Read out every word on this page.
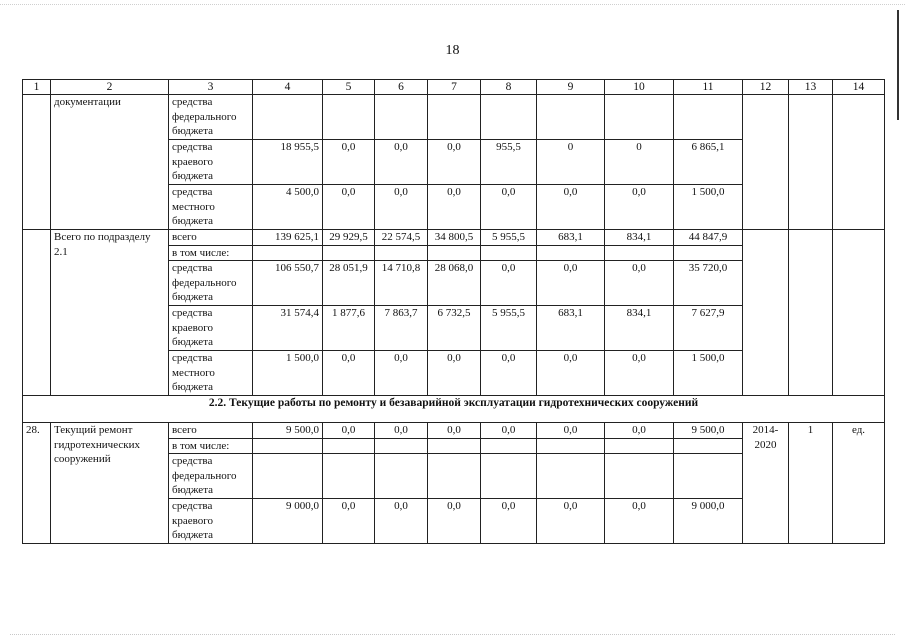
18
1	2	3	4	5	6	7	8	9	10	11	12	13	14
	документации	средства федерального бюджета											
		средства краевого бюджета	18 955,5	0,0	0,0	0,0	955,5	0	0	6 865,1			
		средства местного бюджета	4 500,0	0,0	0,0	0,0	0,0	0,0	0,0	1 500,0			
	Всего по подразделу 2.1	всего	139 625,1	29 929,5	22 574,5	34 800,5	5 955,5	683,1	834,1	44 847,9			
		в том числе:											
		средства федерального бюджета	106 550,7	28 051,9	14 710,8	28 068,0	0,0	0,0	0,0	35 720,0			
		средства краевого бюджета	31 574,4	1 877,6	7 863,7	6 732,5	5 955,5	683,1	834,1	7 627,9			
		средства местного бюджета	1 500,0	0,0	0,0	0,0	0,0	0,0	0,0	1 500,0			
2.2. Текущие работы по ремонту и безаварийной эксплуатации гидротехнических сооружений													
28.	Текущий ремонт гидротехнических сооружений	всего	9 500,0	0,0	0,0	0,0	0,0	0,0	0,0	9 500,0	2014-2020	1	ед.
		в том числе:											
		средства федерального бюджета											
		средства краевого бюджета	9 000,0	0,0	0,0	0,0	0,0	0,0	0,0	9 000,0			
